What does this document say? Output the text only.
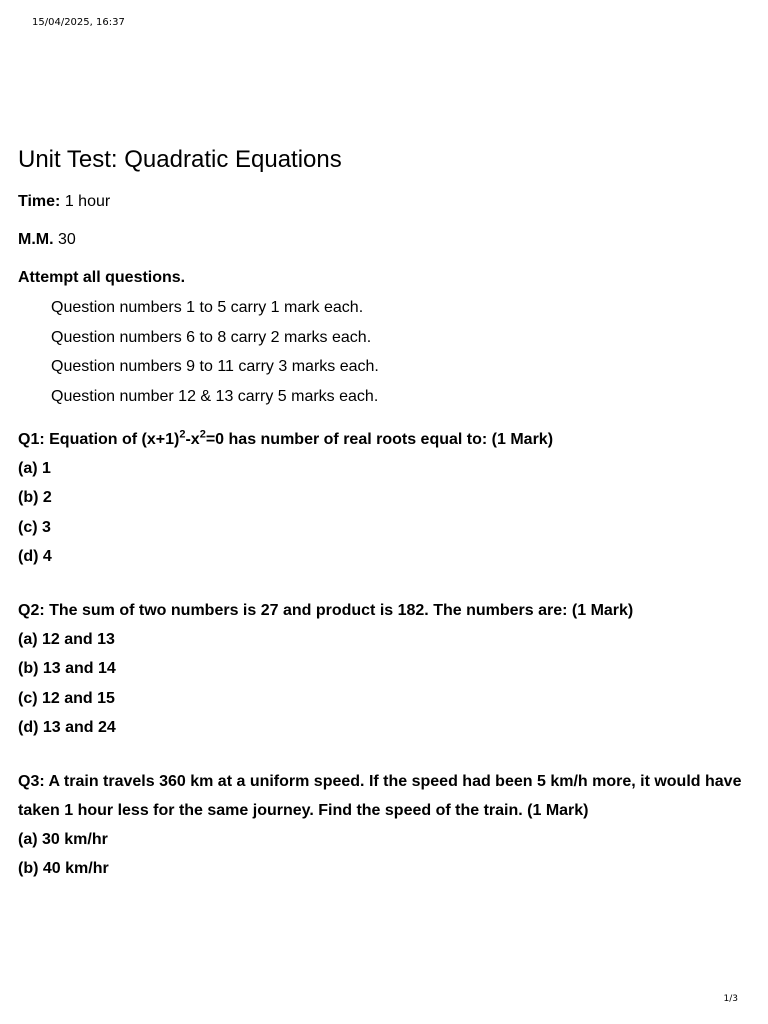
15/04/2025, 16:37
Unit Test: Quadratic Equations

Time: 1 hour

M.M. 30

Attempt all questions.

Question numbers 1 to 5 carry 1 mark each.
Question numbers 6 to 8 carry 2 marks each.
Question numbers 9 to 11 carry 3 marks each.
Question number 12 & 13 carry 5 marks each.

Q1: Equation of $(x+1)^2-x^2=0$ has number of real roots equal to: (1 Mark)

(a) 1

(b) 2

(c) 3

(d) 4

Q2: The sum of two numbers is 27 and product is 182. The numbers are: (1 Mark)

(a) 12 and 13

(b) 13 and 14

(c) 12 and 15

(d) 13 and 24

Q3: A train travels 360 km at a uniform speed. If the speed had been 5 km/h more, it would have taken 1 hour less for the same journey. Find the speed of the train. (1 Mark)

(a) 30 km/hr

(b) 40 km/hr

1/3
